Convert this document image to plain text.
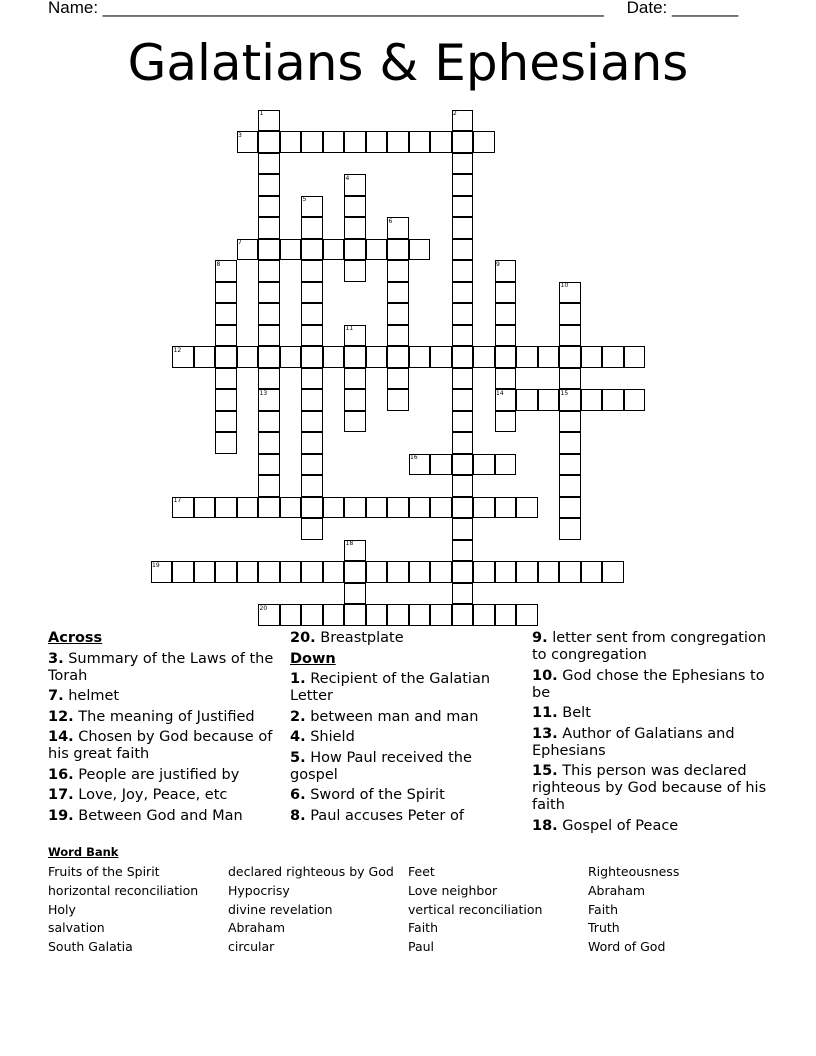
Name: _____________________________________________________ Date: _______
Galatians & Ephesians
1	2
3
4
5
6
7
8	9
10
11
12
13	14	15
16
17
18
19
20
Across
3. Summary of the Laws of the Torah
7. helmet
12. The meaning of Justified
14. Chosen by God because of his great faith
16. People are justified by
17. Love, Joy, Peace, etc
19. Between God and Man
20. Breastplate
Down
1. Recipient of the Galatian Letter
2. between man and man
4. Shield
5. How Paul received the gospel
6. Sword of the Spirit
8. Paul accuses Peter of
9. letter sent from congregation to congregation
10. God chose the Ephesians to be
11. Belt
13. Author of Galatians and Ephesians
15. This person was declared righteous by God because of his faith
18. Gospel of Peace
Word Bank
Fruits of the Spirit
horizontal reconciliation
Holy
salvation
South Galatia
declared righteous by God
Hypocrisy
divine revelation
Abraham
circular
Feet
Love neighbor
vertical reconciliation
Faith
Paul
Righteousness
Abraham
Faith
Truth
Word of God
